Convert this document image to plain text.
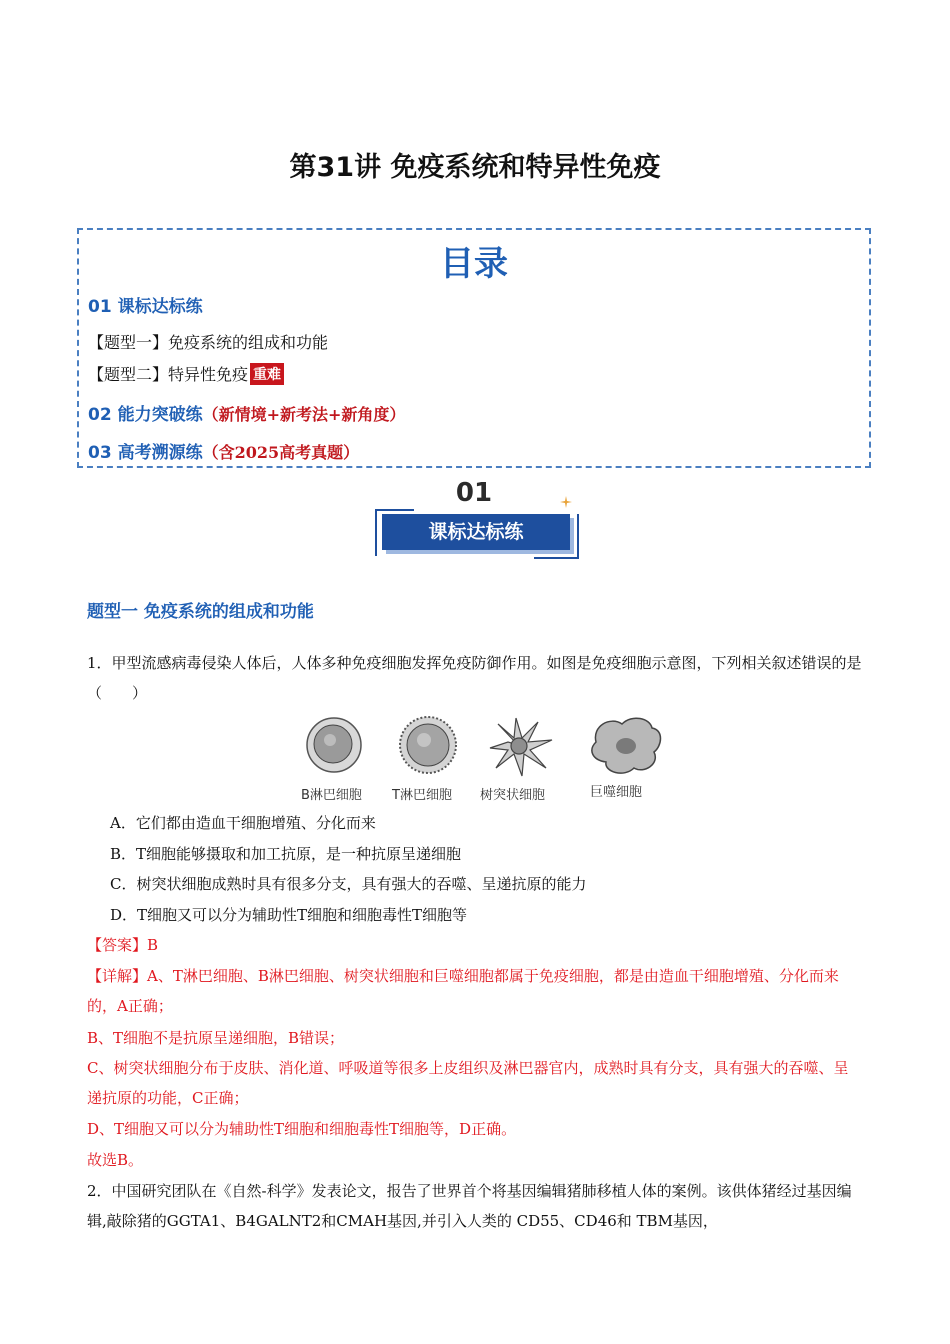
第31讲 免疫系统和特异性免疫
目录
01 课标达标练
【题型一】免疫系统的组成和功能
【题型二】特异性免疫 重难
02 能力突破练（新情境+新考法+新角度）
03 高考溯源练（含2025高考真题）
01
课标达标练
题型一 免疫系统的组成和功能
1．甲型流感病毒侵染人体后，人体多种免疫细胞发挥免疫防御作用。如图是免疫细胞示意图，下列相关叙述错误的是（　　）
B淋巴细胞 T淋巴细胞 树突状细胞	巨噬细胞
A．它们都由造血干细胞增殖、分化而来
B．T细胞能够摄取和加工抗原，是一种抗原呈递细胞
C．树突状细胞成熟时具有很多分支，具有强大的吞噬、呈递抗原的能力
D．T细胞又可以分为辅助性T细胞和细胞毒性T细胞等
【答案】B
【详解】A、T淋巴细胞、B淋巴细胞、树突状细胞和巨噬细胞都属于免疫细胞，都是由造血干细胞增殖、分化而来的，A正确；
B、T细胞不是抗原呈递细胞，B错误；
C、树突状细胞分布于皮肤、消化道、呼吸道等很多上皮组织及淋巴器官内，成熟时具有分支，具有强大的吞噬、呈递抗原的功能，C正确；
D、T细胞又可以分为辅助性T细胞和细胞毒性T细胞等，D正确。
故选B。
2．中国研究团队在《自然-科学》发表论文，报告了世界首个将基因编辑猪肺移植人体的案例。该供体猪经过基因编辑,敲除猪的GGTA1、B4GALNT2和CMAH基因,并引入人类的 CD55、CD46和 TBM基因，
